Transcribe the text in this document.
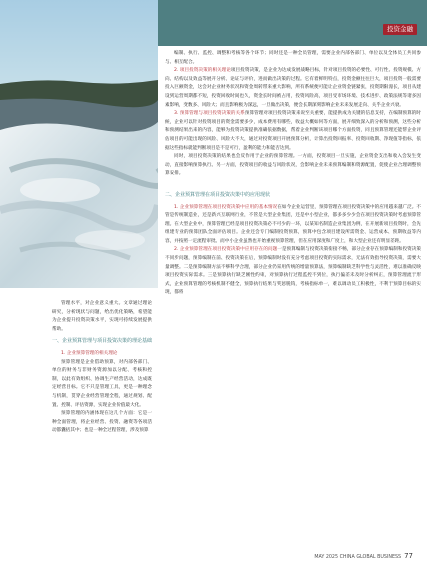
投资金融

管理水平，对企业意义重大。文章通过理论研究，分析现状与问题，给出优化策略，希望能为企业提升投资决策水平，实现可持续发展提供帮助。

一、企业预算管理与项目投资决策的理论基础

1. 企业预算管理的相关理论

预算管理是企业借助预算，对内部各部门、单位的财务与非财务资源加以分配、考核和控制，以此有效组织、协调生产经营活动，达成既定经营目标。它不只是管理工具，更是一种理念与机制，贯穿企业经营管理全程，通过规划、配置、控制、评估资源，实现企业价值最大化。

预算管理的内涵体现在这几个方面：它是一种全面管理，将企业经营、投资、融资等各项活动都囊括其中；也是一种全过程管理，涉及预算

编制、执行、监控、调整和考核等各个环节；同时还是一种全员管理，需要企业内部各部门、单位以及全体员工共同参与、相互配合。

2. 项目投资决策的相关理论项目投资决策，是企业为达成发展战略目标，针对项目投资的必要性、可行性、投资规模、方向、结构以及效益等展开分析、论证与评价，进而做出决策的过程。它有着鲜明特点，投资金额往往巨大，项目投资一般需要投入巨额资金，这会对企业财务状况和资金周转带来重大影响，所有系统便可能让企业资金链紧张，投资期限漫长，项目从建设到运营周期都不短，投资回收时间也久，资金长时间被占用，投资风险高，项目受市场环境、技术进步、政策法规等诸多因素影响，变数多、风险大；而且影响极为深远，一旦做出决策，便会长期深刻影响企业未来发展走向、关乎企业兴衰。

3. 预算管理与项目投资决策的关系预算管理对项目投资决策来说至关重要，能提供成为关键的信息支持，在编制预算的时候，企业可以针对投资项目的资金需要多少，成本费用有哪些，收益大概如何等方面，展开细致深入的分析和预测，这些分析和预测结果出来的内容，能够为投资决策提供准确依据数据，帮着企业判断该项目哪个方面投资，同且预算管理还能帮企业评估项目的可能出现的风险、风险大不大，通过对投资项目开展预算分析，计算出投资回报率、投资回收期、净现值等指标，依据这些指标就能判断项目是不是可行，盈利的能力和能否达到。

同时，项目投资决策的结果也会反作用于企业的预算管理。一方面，投资项目一旦实施，企业资金支出和收入会发生变动，直接影响预算执行。另一方面，投资项目的收益与风险状况，会影响企业未来预算编制和资源配置，促使企业合理调整预算安排。

二、企业预算管理在项目投资决策中的应用现状

1. 企业预算管理在项目投资决策中应用的基本情况在如今企业运营里，预算管理在项目投资决策中的应用越来越广泛。不管是传统制造业，还是新兴互联网行业，不管是大型企业集团，还是中小型企业，都多多少少会在项目投资决策时考虑预算管理。在大型企业中，预算管理已经是项目投资决策必不可少的一环，以某知名制造企业集团为例，在开展新项目投资时，会先组建专业的预算团队全面评估项目。企业还会专门编制投资预算，预算中包含项目建设所需资金、运营成本、预期收益等内容，并按照一定流程审批。而中小企业虽然也开始重视预算管理，但在应用深度和广度上，和大型企业还有明显差距。

2. 企业预算管理在项目投资决策中应用存在的问题一是预算编制与投资决策衔接不畅，部分企业存在预算编制和投资决策不同步问题，预算编制在前、投资决策在后，预算编制时没有充分考虑项目投资的实际需求，无法有效指导投资决策，需要大量调整。二是预算编制方法不够科学合理，部分企业仍采用传统的增量预算法，预算编制缺乏科学性与灵活性，难以准确反映项目投资实际需求。三是预算执行缺乏刚性约束，对预算执行过程监控不到位，执行偏差未及时分析纠正，预算管理流于形式，企业预算管理的考核机制不健全，预算执行结果与奖惩脱钩，考核指标单一，难以调动员工积极性，不利于预算目标的实现，都将

MAY 2025 CHINA GLOBAL BUSINESS 77
